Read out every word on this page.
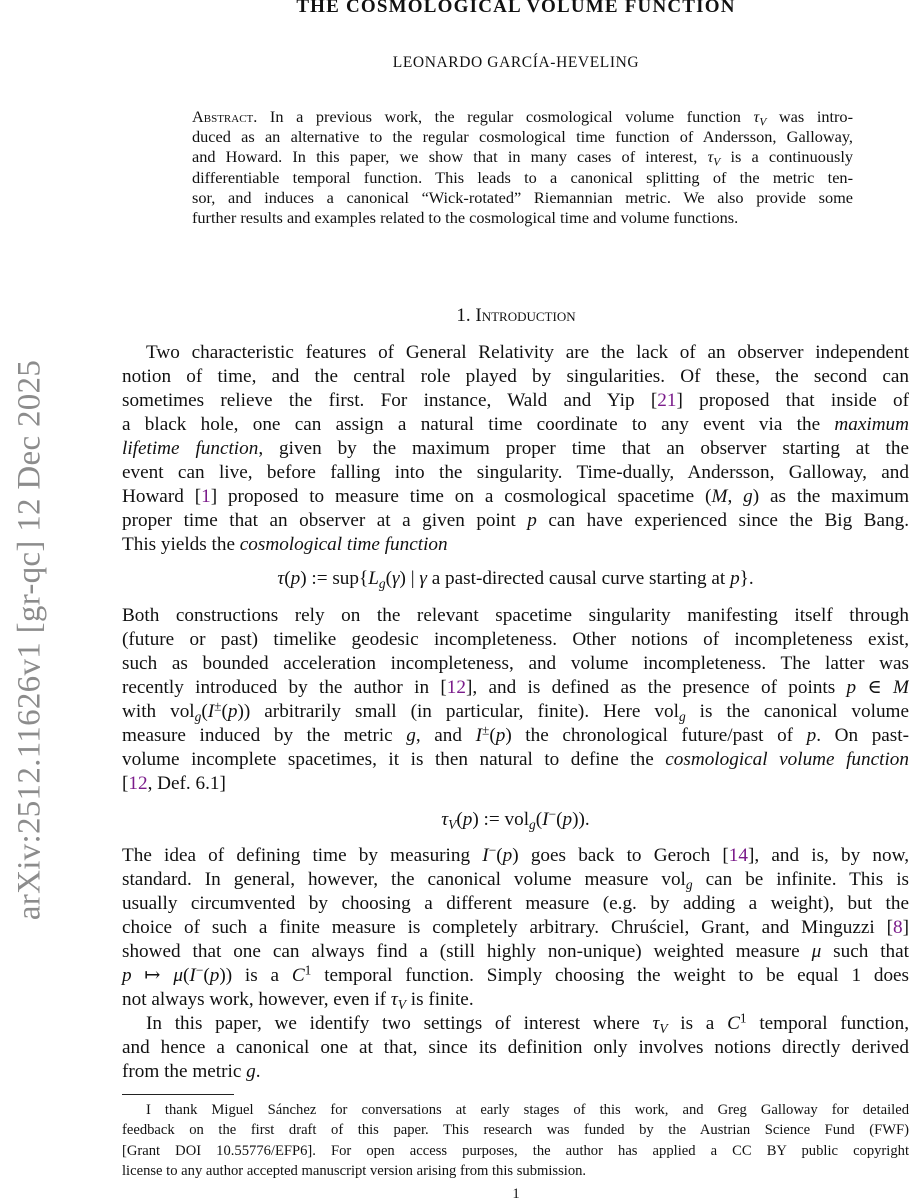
arXiv:2512.11626v1 [gr-qc] 12 Dec 2025
THE COSMOLOGICAL VOLUME FUNCTION
LEONARDO GARCÍA-HEVELING
Abstract. In a previous work, the regular cosmological volume function $\tau_V$ was intro-
duced as an alternative to the regular cosmological time function of Andersson, Galloway,
and Howard. In this paper, we show that in many cases of interest, $\tau_V$ is a continuously
differentiable temporal function. This leads to a canonical splitting of the metric ten-
sor, and induces a canonical “Wick-rotated” Riemannian metric. We also provide some
further results and examples related to the cosmological time and volume functions.
1. Introduction
Two characteristic features of General Relativity are the lack of an observer independent
notion of time, and the central role played by singularities. Of these, the second can
sometimes relieve the first. For instance, Wald and Yip [21] proposed that inside of
a black hole, one can assign a natural time coordinate to any event via the maximum
lifetime function, given by the maximum proper time that an observer starting at the
event can live, before falling into the singularity. Time-dually, Andersson, Galloway, and
Howard [1] proposed to measure time on a cosmological spacetime (M, g) as the maximum
proper time that an observer at a given point p can have experienced since the Big Bang.
This yields the cosmological time function
τ(p) := $sup\{L_g(\gamma)$ | γ a past-directed causal curve starting at p}.
Both constructions rely on the relevant spacetime singularity manifesting itself through
(future or past) timelike geodesic incompleteness. Other notions of incompleteness exist,
such as bounded acceleration incompleteness, and volume incompleteness. The latter was
recently introduced by the author in [12], and is defined as the presence of points p ∈ M
with vol$_g$(I±(p)) arbitrarily small (in particular, finite). Here vol$_g$ is the canonical volume
measure induced by the metric g, and I±(p) the chronological future/past of p. On past-
volume incomplete spacetimes, it is then natural to define the cosmological volume function
[12, Def. 6.1]
$\tau_V(p)$ := vol$_g$(I−(p)).
The idea of defining time by measuring I−(p) goes back to Geroch [14], and is, by now,
standard. In general, however, the canonical volume measure vol$_g$ can be infinite. This is
usually circumvented by choosing a different measure (e.g. by adding a weight), but the
choice of such a finite measure is completely arbitrary. Chruściel, Grant, and Minguzzi [8]
showed that one can always find a (still highly non-unique) weighted measure μ such that
p ↦ μ(I−(p)) is a $C^1$ temporal function. Simply choosing the weight to be equal 1 does
not always work, however, even if $\tau_V$ is finite.
In this paper, we identify two settings of interest where $\tau_V$ is a $C^1$ temporal function,
and hence a canonical one at that, since its definition only involves notions directly derived
from the metric g.
I thank Miguel Sánchez for conversations at early stages of this work, and Greg Galloway for detailed
feedback on the first draft of this paper. This research was funded by the Austrian Science Fund (FWF)
[Grant DOI 10.55776/EFP6]. For open access purposes, the author has applied a CC BY public copyright
license to any author accepted manuscript version arising from this submission.
1
